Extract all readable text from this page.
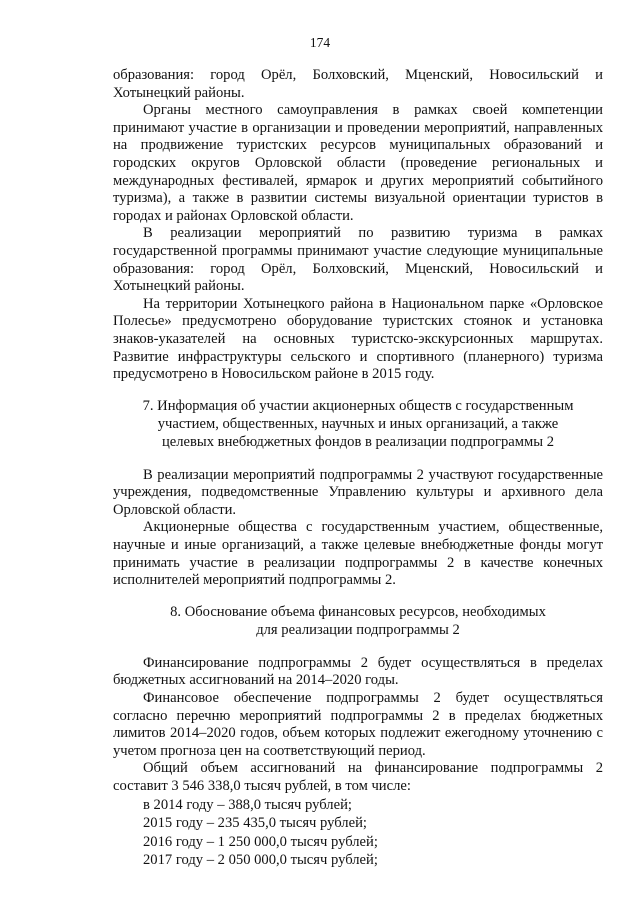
174

образования: город Орёл, Болховский, Мценский, Новосильский и Хотынецкий районы.

Органы местного самоуправления в рамках своей компетенции принимают участие в организации и проведении мероприятий, направленных на продвижение туристских ресурсов муниципальных образований и городских округов Орловской области (проведение региональных и международных фестивалей, ярмарок и других мероприятий событийного туризма), а также в развитии системы визуальной ориентации туристов в городах и районах Орловской области.

В реализации мероприятий по развитию туризма в рамках государственной программы принимают участие следующие муниципальные образования: город Орёл, Болховский, Мценский, Новосильский и Хотынецкий районы.

На территории Хотынецкого района в Национальном парке «Орловское Полесье» предусмотрено оборудование туристских стоянок и установка знаков-указателей на основных туристско-экскурсионных маршрутах. Развитие инфраструктуры сельского и спортивного (планерного) туризма предусмотрено в Новосильском районе в 2015 году.

7. Информация об участии акционерных обществ с государственным
участием, общественных, научных и иных организаций, а также
целевых внебюджетных фондов в реализации подпрограммы 2

В реализации мероприятий подпрограммы 2 участвуют государственные учреждения, подведомственные Управлению культуры и архивного дела Орловской области.

Акционерные общества с государственным участием, общественные, научные и иные организаций, а также целевые внебюджетные фонды могут принимать участие в реализации подпрограммы 2 в качестве конечных исполнителей мероприятий подпрограммы 2.

8. Обоснование объема финансовых ресурсов, необходимых
для реализации подпрограммы 2

Финансирование подпрограммы 2 будет осуществляться в пределах бюджетных ассигнований на 2014–2020 годы.

Финансовое обеспечение подпрограммы 2 будет осуществляться согласно перечню мероприятий подпрограммы 2 в пределах бюджетных лимитов 2014–2020 годов, объем которых подлежит ежегодному уточнению с учетом прогноза цен на соответствующий период.

Общий объем ассигнований на финансирование подпрограммы 2 составит 3 546 338,0 тысяч рублей, в том числе:

в 2014 году – 388,0 тысяч рублей;

2015 году – 235 435,0 тысяч рублей;

2016 году – 1 250 000,0 тысяч рублей;

2017 году – 2 050 000,0 тысяч рублей;
